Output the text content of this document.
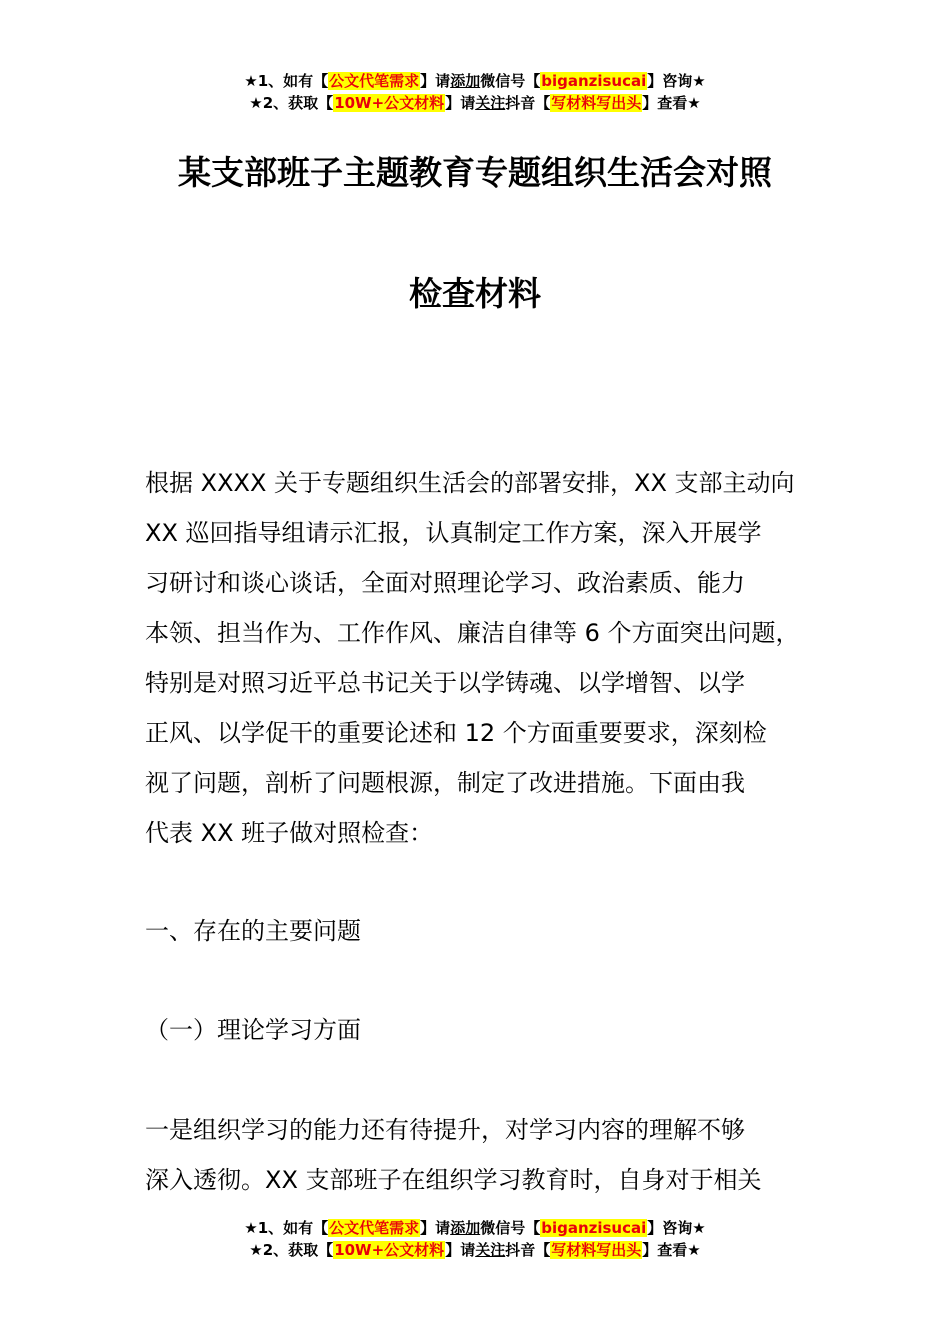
★1、如有【公文代笔需求】请添加微信号【biganzisucai】咨询★
★2、获取【10W+公文材料】请关注抖音【写材料写出头】查看★
某支部班子主题教育专题组织生活会对照
检查材料
根据 XXXX 关于专题组织生活会的部署安排，XX 支部主动向
XX 巡回指导组请示汇报，认真制定工作方案，深入开展学
习研讨和谈心谈话，全面对照理论学习、政治素质、能力
本领、担当作为、工作作风、廉洁自律等 6 个方面突出问题，
特别是对照习近平总书记关于以学铸魂、以学增智、以学
正风、以学促干的重要论述和 12 个方面重要要求，深刻检
视了问题，剖析了问题根源，制定了改进措施。下面由我
代表 XX 班子做对照检查：
一、存在的主要问题
（一）理论学习方面
一是组织学习的能力还有待提升，对学习内容的理解不够
深入透彻。XX 支部班子在组织学习教育时，自身对于相关
★1、如有【公文代笔需求】请添加微信号【biganzisucai】咨询★
★2、获取【10W+公文材料】请关注抖音【写材料写出头】查看★
